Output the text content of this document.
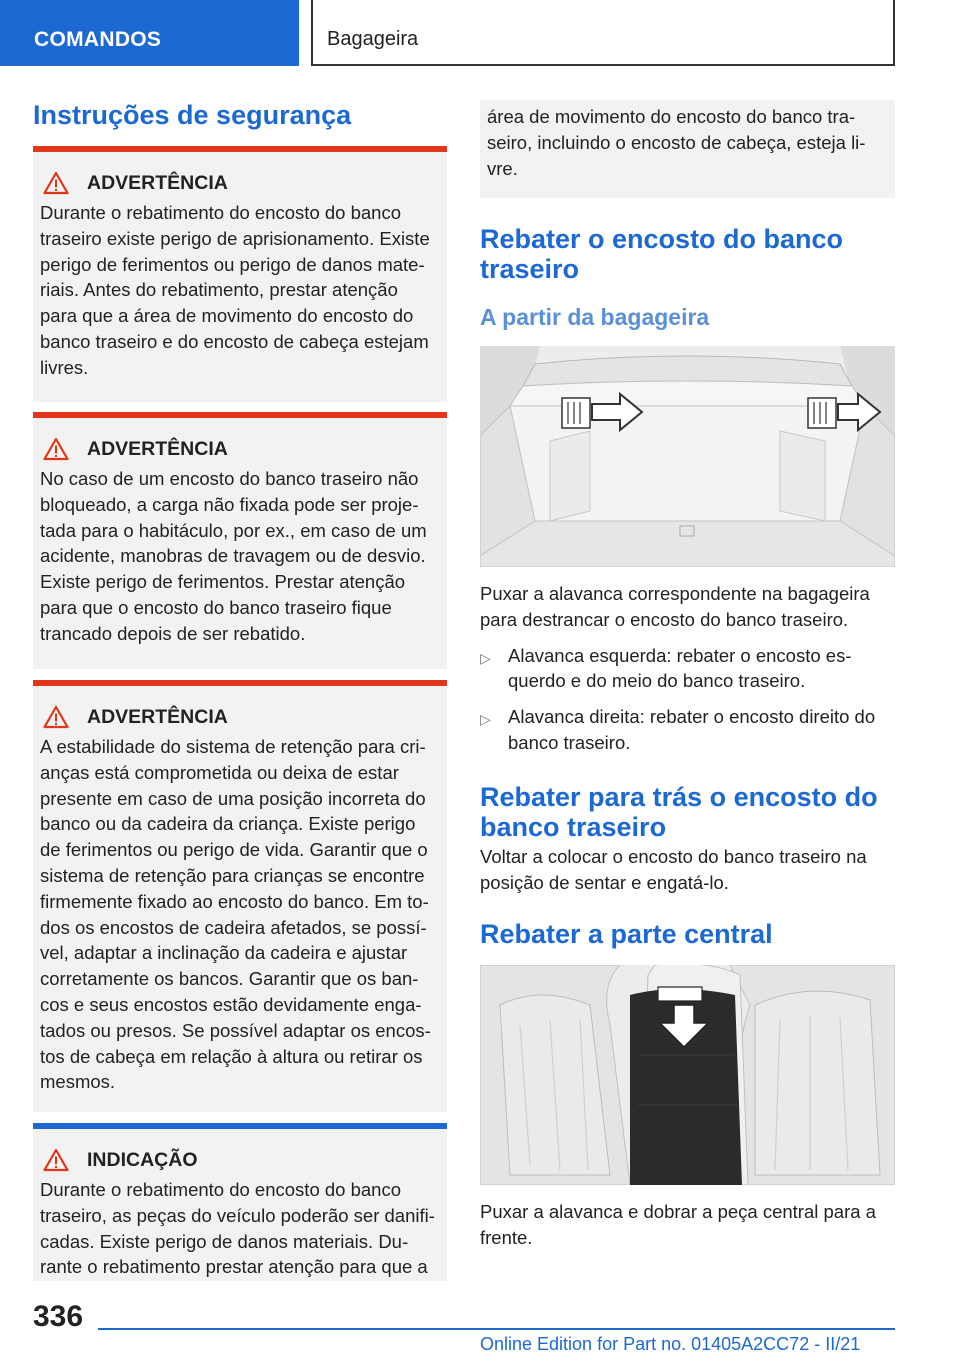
COMANDOS	Bagageira
Instruções de segurança
ADVERTÊNCIA
Durante o rebatimento do encosto do banco traseiro existe perigo de aprisionamento. Existe perigo de ferimentos ou perigo de danos materiais. Antes do rebatimento, prestar atenção para que a área de movimento do encosto do banco traseiro e do encosto de cabeça estejam livres.
ADVERTÊNCIA
No caso de um encosto do banco traseiro não bloqueado, a carga não fixada pode ser projetada para o habitáculo, por ex., em caso de um acidente, manobras de travagem ou de desvio. Existe perigo de ferimentos. Prestar atenção para que o encosto do banco traseiro fique trancado depois de ser rebatido.
ADVERTÊNCIA
A estabilidade do sistema de retenção para crianças está comprometida ou deixa de estar presente em caso de uma posição incorreta do banco ou da cadeira da criança. Existe perigo de ferimentos ou perigo de vida. Garantir que o sistema de retenção para crianças se encontre firmemente fixado ao encosto do banco. Em todos os encostos de cadeira afetados, se possível, adaptar a inclinação da cadeira e ajustar corretamente os bancos. Garantir que os bancos e seus encostos estão devidamente engatados ou presos. Se possível adaptar os encostos de cabeça em relação à altura ou retirar os mesmos.
INDICAÇÃO
Durante o rebatimento do encosto do banco traseiro, as peças do veículo poderão ser danificadas. Existe perigo de danos materiais. Durante o rebatimento prestar atenção para que a
área de movimento do encosto do banco traseiro, incluindo o encosto de cabeça, esteja livre.
Rebater o encosto do banco traseiro
A partir da bagageira
Puxar a alavanca correspondente na bagageira para destrancar o encosto do banco traseiro.
▷ Alavanca esquerda: rebater o encosto esquerdo e do meio do banco traseiro.
▷ Alavanca direita: rebater o encosto direito do banco traseiro.
Rebater para trás o encosto do banco traseiro
Voltar a colocar o encosto do banco traseiro na posição de sentar e engatá-lo.
Rebater a parte central
Puxar a alavanca e dobrar a peça central para a frente.
336
Online Edition for Part no. 01405A2CC72 - II/21
